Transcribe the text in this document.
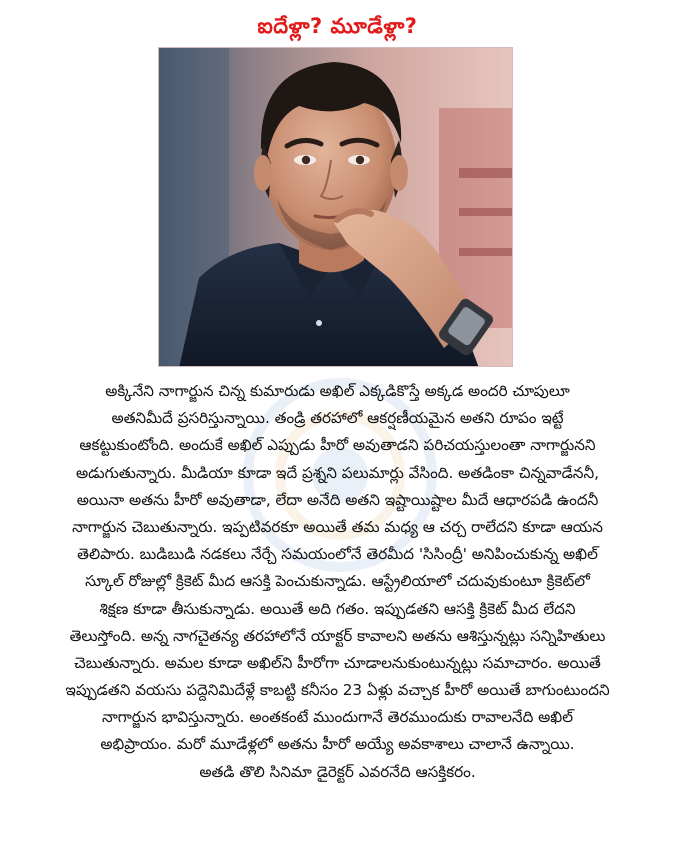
ఐదేళ్లా? మూడేళ్లా?
అక్కినేని నాగార్జున చిన్న కుమారుడు అఖిల్ ఎక్కడికొస్తే అక్కడ అందరి చూపులూ
అతనిమీదే ప్రసరిస్తున్నాయి. తండ్రి తరహాలో ఆకర్షణీయమైన అతని రూపం ఇట్టే
ఆకట్టుకుంటోంది. అందుకే అఖిల్ ఎప్పుడు హీరో అవుతాడని పరిచయస్తులంతా నాగార్జునని
అడుగుతున్నారు. మీడియా కూడా ఇదే ప్రశ్నని పలుమార్లు వేసింది. అతడింకా చిన్నవాడేననీ,
అయినా అతను హీరో అవుతాడా, లేదా అనేది అతని ఇష్టాయిష్టాల మీదే ఆధారపడి ఉందనీ
నాగార్జున చెబుతున్నారు. ఇప్పటివరకూ అయితే తమ మధ్య ఆ చర్చ రాలేదని కూడా ఆయన
తెలిపారు. బుడిబుడి నడకలు నేర్చే సమయంలోనే తెరమీద 'సిసింద్రీ' అనిపించుకున్న అఖిల్
స్కూల్ రోజుల్లో క్రికెట్ మీద ఆసక్తి పెంచుకున్నాడు. ఆస్ట్రేలియాలో చదువుకుంటూ క్రికెట్‌లో
శిక్షణ కూడా తీసుకున్నాడు. అయితే అది గతం. ఇప్పుడతని ఆసక్తి క్రికెట్ మీద లేదని
తెలుస్తోంది. అన్న నాగచైతన్య తరహాలోనే యాక్టర్ కావాలని అతను ఆశిస్తున్నట్లు సన్నిహితులు
చెబుతున్నారు. అమల కూడా అఖిల్‌ని హీరోగా చూడాలనుకుంటున్నట్లు సమాచారం. అయితే
ఇప్పుడతని వయసు పద్దెనిమిదేళ్లే కాబట్టి కనీసం 23 ఏళ్లు వచ్చాక హీరో అయితే బాగుంటుందని
నాగార్జున భావిస్తున్నారు. అంతకంటే ముందుగానే తెరముందుకు రావాలనేది అఖిల్
అభిప్రాయం. మరో మూడేళ్లలో అతను హీరో అయ్యే అవకాశాలు చాలానే ఉన్నాయి.
అతడి తొలి సినిమా డైరెక్టర్ ఎవరనేది ఆసక్తికరం.
